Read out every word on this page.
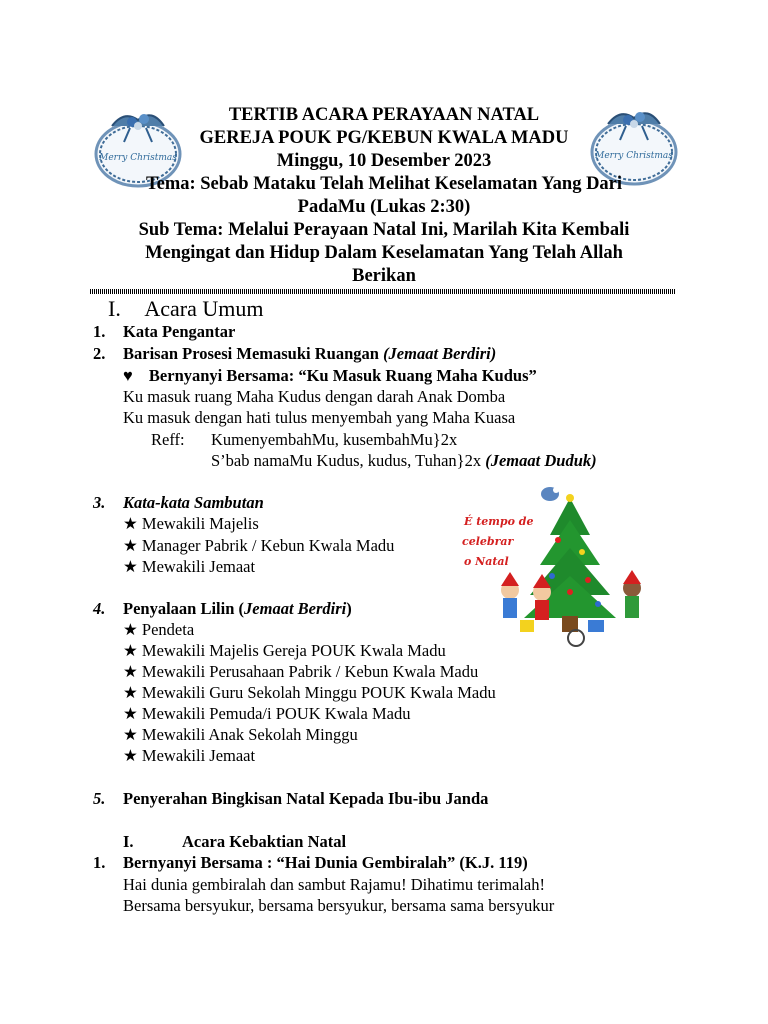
Merry Christmas	Merry Christmas
TERTIB ACARA PERAYAAN NATAL
GEREJA POUK PG/KEBUN KWALA MADU
Minggu, 10 Desember 2023
Tema: Sebab Mataku Telah Melihat Keselamatan Yang Dari
PadaMu (Lukas 2:30)
Sub Tema: Melalui Perayaan Natal Ini, Marilah Kita Kembali
Mengingat dan Hidup Dalam Keselamatan Yang Telah Allah
Berikan
I. Acara Umum
1. Kata Pengantar
2. Barisan Prosesi Memasuki Ruangan (Jemaat Berdiri)
♥ Bernyanyi Bersama: “Ku Masuk Ruang Maha Kudus”
Ku masuk ruang Maha Kudus dengan darah Anak Domba
Ku masuk dengan hati tulus menyembah yang Maha Kuasa
Reff: KumenyembahMu, kusembahMu}2x
S’bab namaMu Kudus, kudus, Tuhan}2x (Jemaat Duduk)
3. Kata-kata Sambutan
★ Mewakili Majelis
★ Manager Pabrik / Kebun Kwala Madu
★ Mewakili Jemaat
4. Penyalaan Lilin (Jemaat Berdiri)
★ Pendeta
★ Mewakili Majelis Gereja POUK Kwala Madu
★ Mewakili Perusahaan Pabrik / Kebun Kwala Madu
★ Mewakili Guru Sekolah Minggu POUK Kwala Madu
★ Mewakili Pemuda/i POUK Kwala Madu
★ Mewakili Anak Sekolah Minggu
★ Mewakili Jemaat
5. Penyerahan Bingkisan Natal Kepada Ibu-ibu Janda
I.	Acara Kebaktian Natal
1. Bernyanyi Bersama : “Hai Dunia Gembiralah” (K.J. 119)
Hai dunia gembiralah dan sambut Rajamu! Dihatimu terimalah!
Bersama bersyukur, bersama bersyukur, bersama sama bersyukur
É tempo de
celebrar
o Natal
